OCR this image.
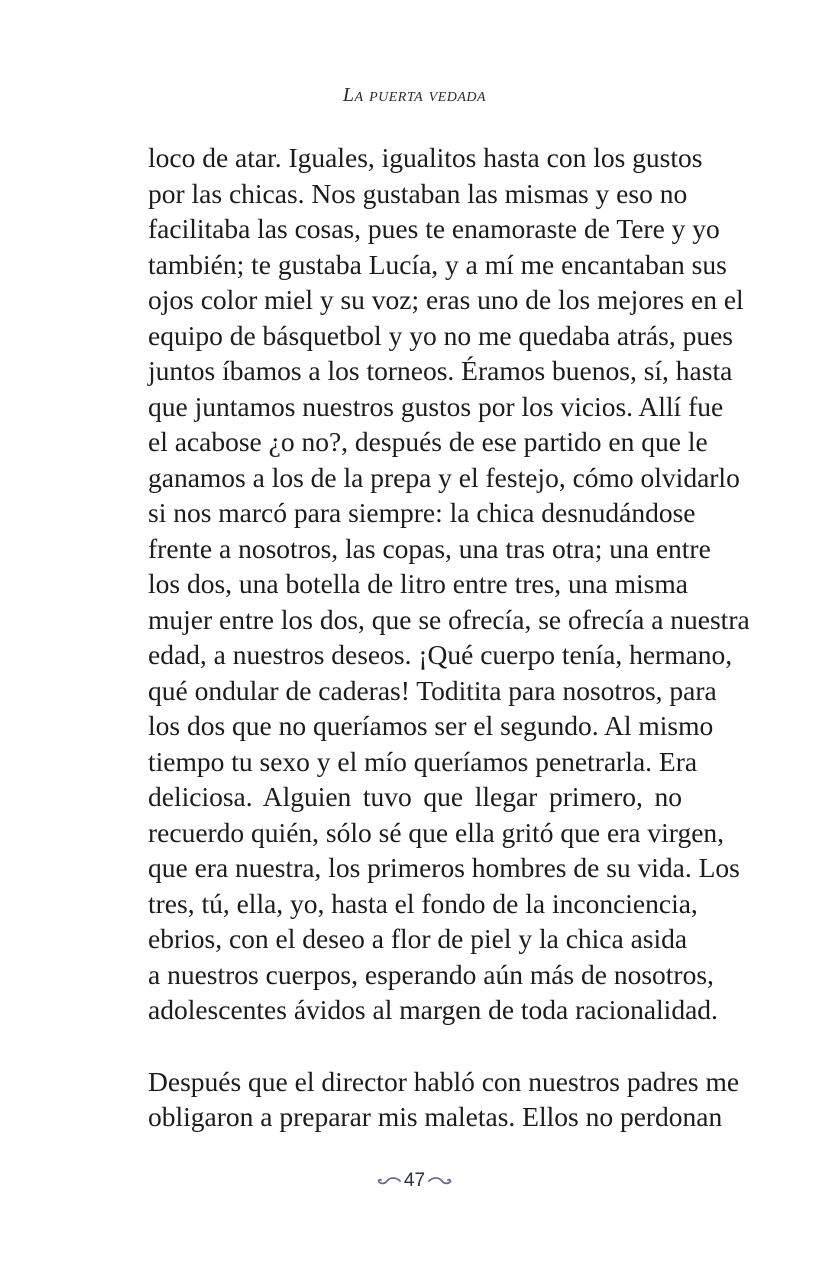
La puerta vedada
loco de atar. Iguales, igualitos hasta con los gustos
por las chicas. Nos gustaban las mismas y eso no
facilitaba las cosas, pues te enamoraste de Tere y yo
también; te gustaba Lucía, y a mí me encantaban sus
ojos color miel y su voz; eras uno de los mejores en el
equipo de básquetbol y yo no me quedaba atrás, pues
juntos íbamos a los torneos. Éramos buenos, sí, hasta
que juntamos nuestros gustos por los vicios. Allí fue
el acabose ¿o no?, después de ese partido en que le
ganamos a los de la prepa y el festejo, cómo olvidarlo
si nos marcó para siempre: la chica desnudándose
frente a nosotros, las copas, una tras otra; una entre
los dos, una botella de litro entre tres, una misma
mujer entre los dos, que se ofrecía, se ofrecía a nuestra
edad, a nuestros deseos. ¡Qué cuerpo tenía, hermano,
qué ondular de caderas! Toditita para nosotros, para
los dos que no queríamos ser el segundo. Al mismo
tiempo tu sexo y el mío queríamos penetrarla. Era
deliciosa. Alguien tuvo que llegar primero, no
recuerdo quién, sólo sé que ella gritó que era virgen,
que era nuestra, los primeros hombres de su vida. Los
tres, tú, ella, yo, hasta el fondo de la inconciencia,
ebrios, con el deseo a flor de piel y la chica asida
a nuestros cuerpos, esperando aún más de nosotros,
adolescentes ávidos al margen de toda racionalidad.
Después que el director habló con nuestros padres me
obligaron a preparar mis maletas. Ellos no perdonan
47
